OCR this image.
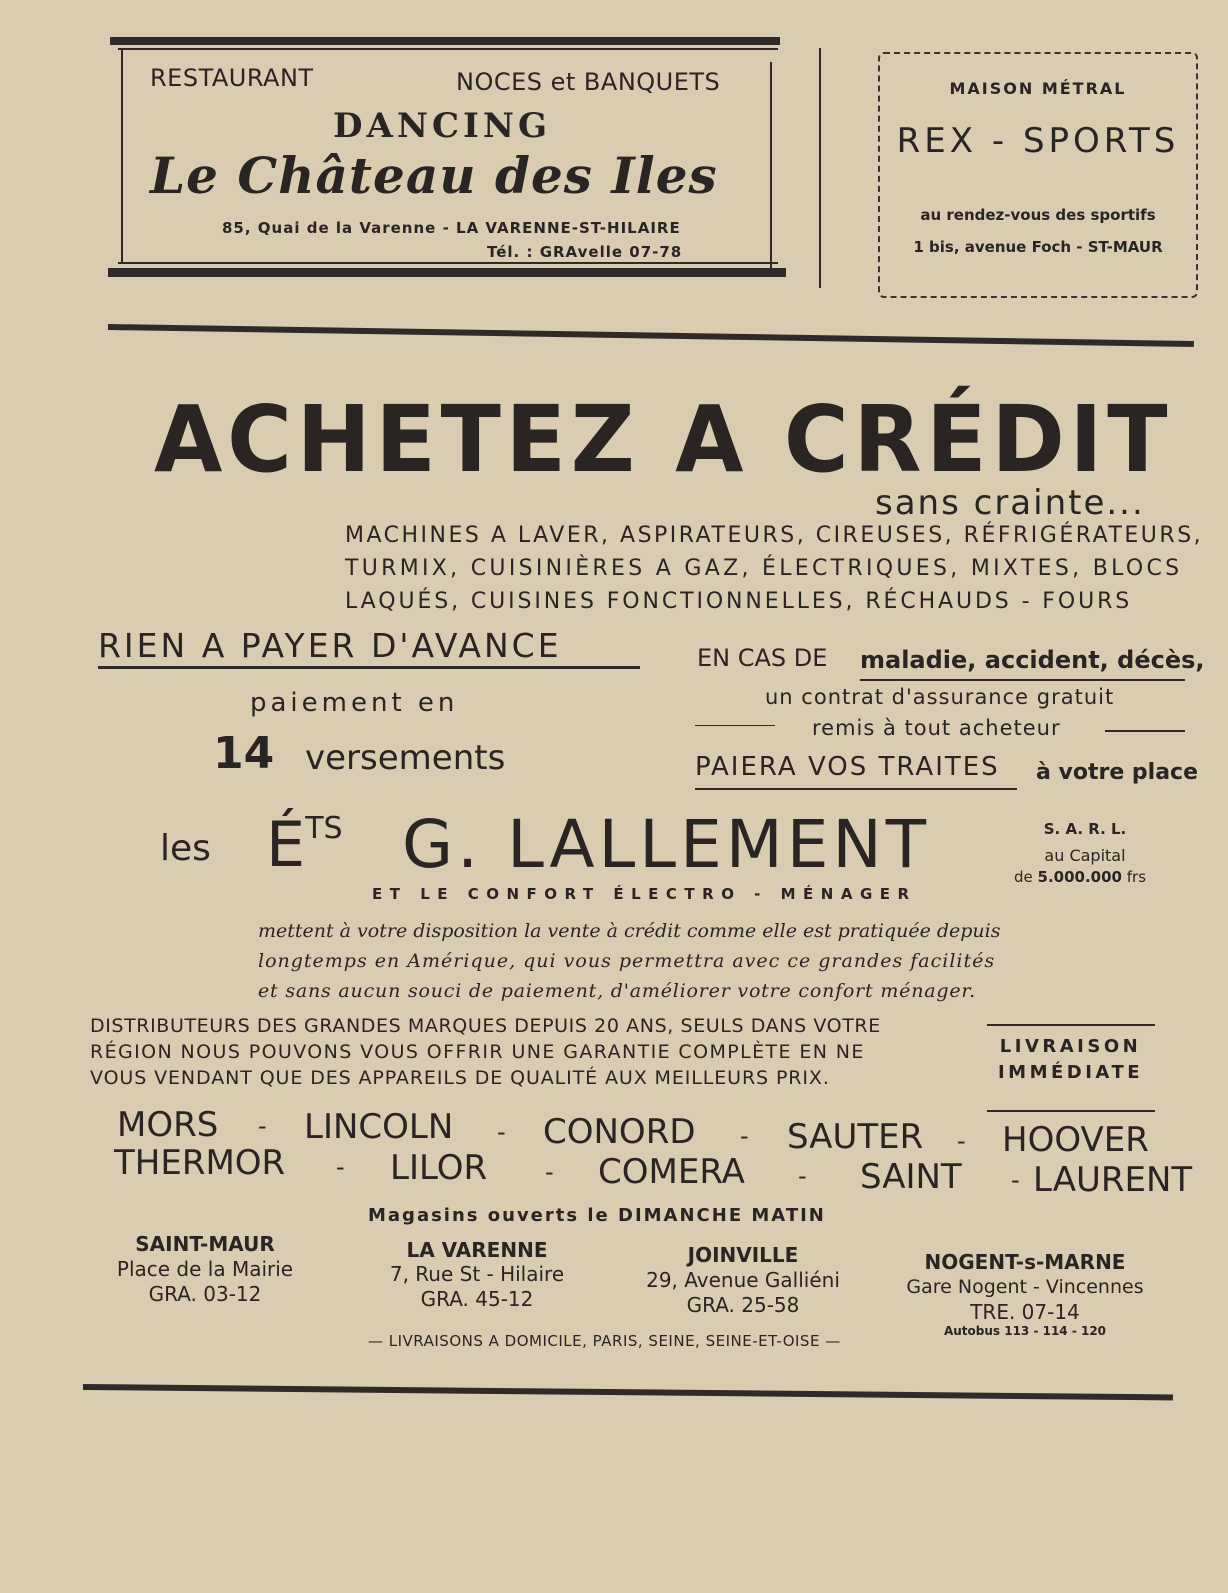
RESTAURANT	NOCES et BANQUETS
DANCING
Le Château des Iles
85, Quai de la Varenne - LA VARENNE-ST-HILAIRE
Tél. : GRAvelle 07-78
MAISON MÉTRAL
REX - SPORTS
au rendez-vous des sportifs
1 bis, avenue Foch - ST-MAUR
ACHETEZ A CRÉDIT
sans crainte...
MACHINES A LAVER, ASPIRATEURS, CIREUSES, RÉFRIGÉRATEURS,
TURMIX, CUISINIÈRES A GAZ, ÉLECTRIQUES, MIXTES, BLOCS
LAQUÉS, CUISINES FONCTIONNELLES, RÉCHAUDS - FOURS
RIEN A PAYER D'AVANCE
paiement en
14 versements
EN CAS DE maladie, accident, décès,
un contrat d'assurance gratuit
remis à tout acheteur
PAIERA VOS TRAITES à votre place
les $É^{TS}$ G. LALLEMENT	S. A. R. L.
au Capital
de 5.000.000 frs
ET LE CONFORT ÉLECTRO - MÉNAGER
mettent à votre disposition la vente à crédit comme elle est pratiquée depuis
longtemps en Amérique, qui vous permettra avec ce grandes facilités
et sans aucun souci de paiement, d'améliorer votre confort ménager.
DISTRIBUTEURS DES GRANDES MARQUES DEPUIS 20 ANS, SEULS DANS VOTRE
RÉGION NOUS POUVONS VOUS OFFRIR UNE GARANTIE COMPLÈTE EN NE
VOUS VENDANT QUE DES APPAREILS DE QUALITÉ AUX MEILLEURS PRIX.
LIVRAISON
IMMÉDIATE
MORS - LINCOLN - CONORD - SAUTER - HOOVER
THERMOR - LILOR - COMERA - SAINT - LAURENT
Magasins ouverts le DIMANCHE MATIN
SAINT-MAUR
Place de la Mairie
GRA. 03-12
LA VARENNE
7, Rue St - Hilaire
GRA. 45-12
JOINVILLE
29, Avenue Galliéni
GRA. 25-58
NOGENT-s-MARNE
Gare Nogent - Vincennes
TRE. 07-14
Autobus 113 - 114 - 120
— LIVRAISONS A DOMICILE, PARIS, SEINE, SEINE-ET-OISE —
